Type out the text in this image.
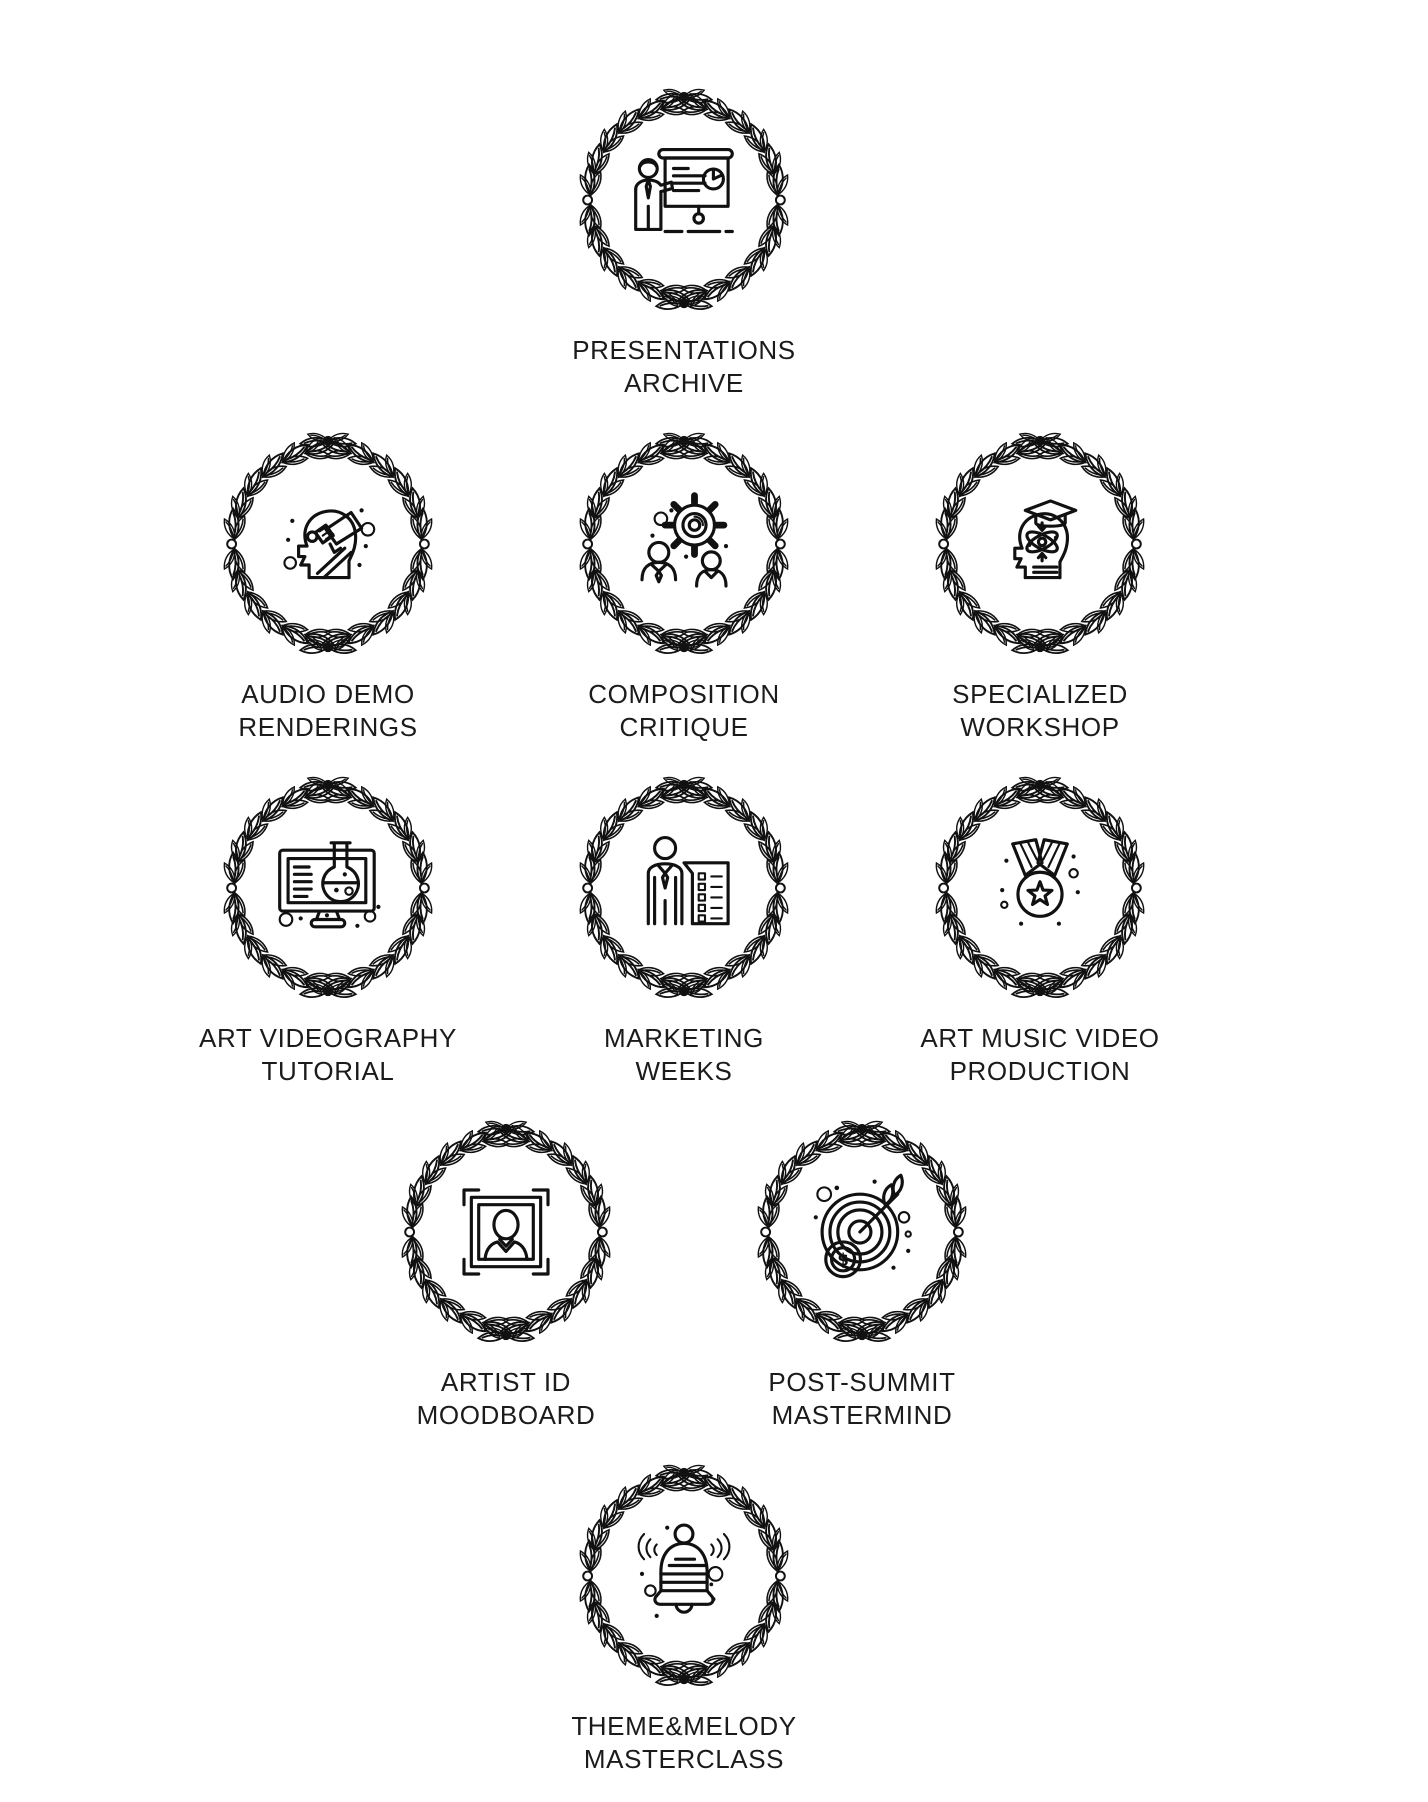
PRESENTATIONS
ARCHIVE
AUDIO DEMO
RENDERINGS
COMPOSITION
CRITIQUE
SPECIALIZED
WORKSHOP
ART VIDEOGRAPHY
TUTORIAL
MARKETING
WEEKS
ART MUSIC VIDEO
PRODUCTION
ARTIST ID
MOODBOARD
$
POST-SUMMIT
MASTERMIND
THEME&MELODY
MASTERCLASS
